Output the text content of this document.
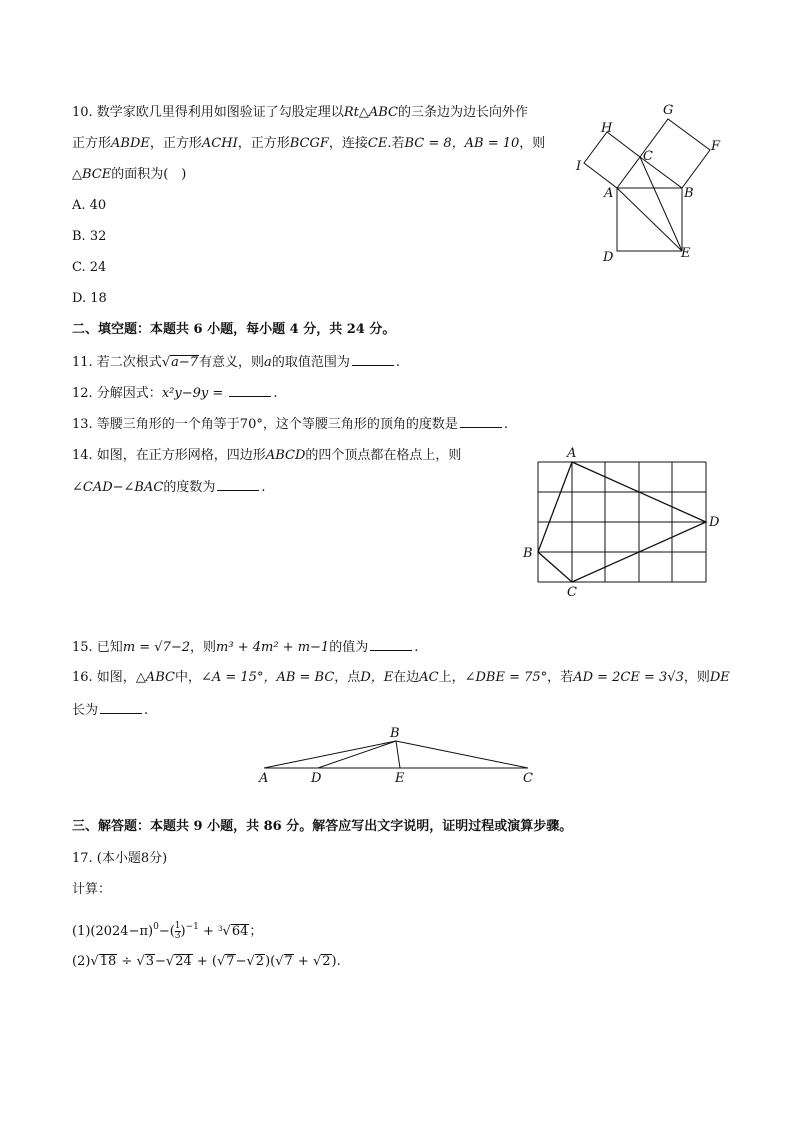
10. 数学家欧几里得利用如图验证了勾股定理以Rt△ABC的三条边为边长向外作
正方形ABDE，正方形ACHI，正方形BCGF，连接CE.若BC = 8，AB = 10，则
△BCE的面积为(　)
A. 40
B. 32
C. 24
D. 18
G
H
C
F
I
A	B
D	E
二、填空题：本题共 6 小题，每小题 4 分，共 24 分。
11. 若二次根式√a−7有意义，则a的取值范围为	.
12. 分解因式：x²y−9y =	.
13. 等腰三角形的一个角等于70°，这个等腰三角形的顶角的度数是	.
14. 如图，在正方形网格，四边形ABCD的四个顶点都在格点上，则
∠CAD−∠BAC的度数为	.
A
B
C
D
15. 已知m = √7−2，则m³ + 4m² + m−1的值为	.
16. 如图，△ABC中，∠A = 15°，AB = BC，点D，E在边AC上，∠DBE = 75°，若AD = 2CE = 3√3，则DE
长为	.
B
A	D	E	C
三、解答题：本题共 9 小题，共 86 分。解答应写出文字说明，证明过程或演算步骤。
17. (本小题8分)
计算：
$(1)(2024-\pi)^0-( \frac{1}{3} )^{-1} + ^3√64$；
(2)√18 ÷ √3−√24 + (√7−√2)(√7 + √2).
